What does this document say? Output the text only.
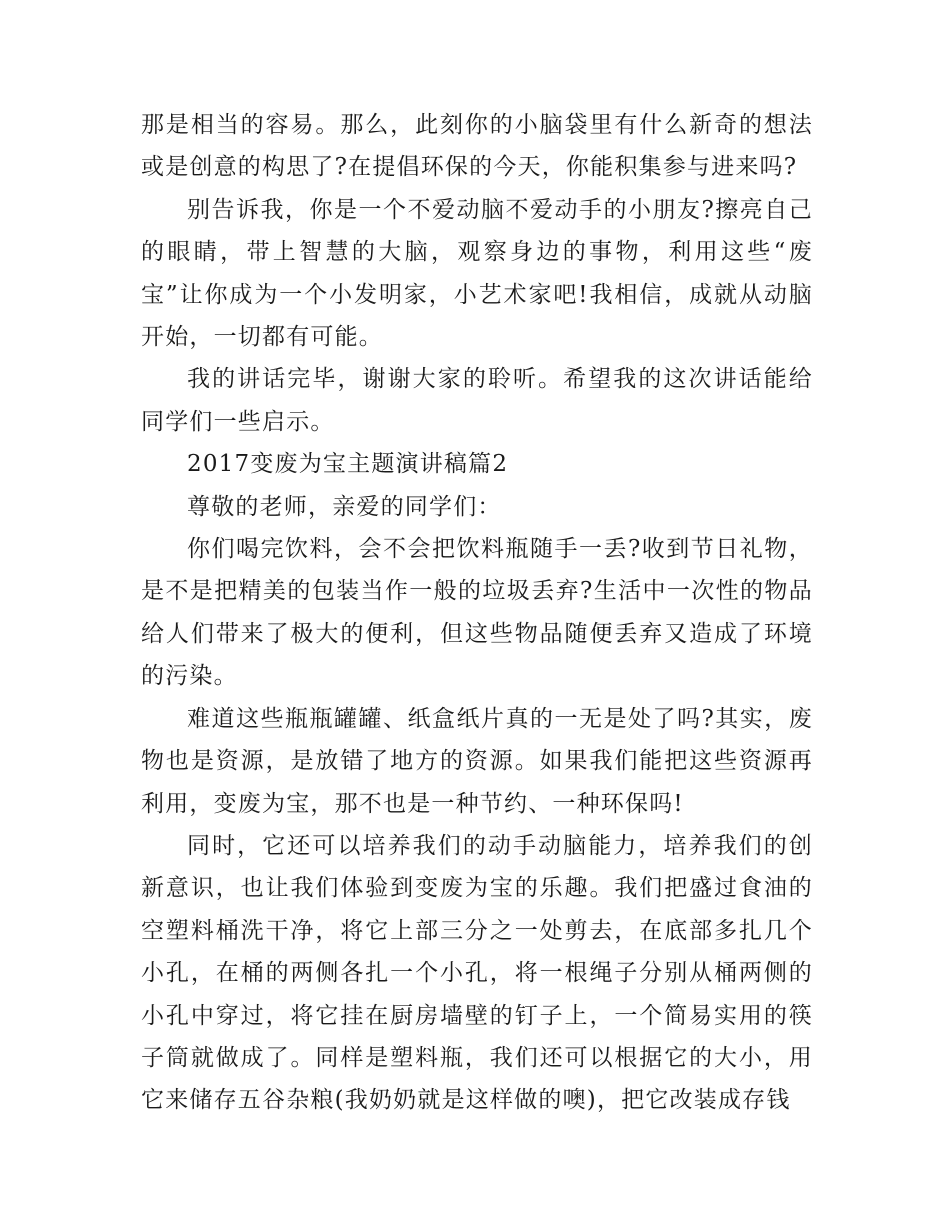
那是相当的容易。那么，此刻你的小脑袋里有什么新奇的想法或是创意的构思了?在提倡环保的今天，你能积集参与进来吗?

别告诉我，你是一个不爱动脑不爱动手的小朋友?擦亮自己的眼睛，带上智慧的大脑，观察身边的事物，利用这些“废宝”让你成为一个小发明家，小艺术家吧!我相信，成就从动脑开始，一切都有可能。

我的讲话完毕，谢谢大家的聆听。希望我的这次讲话能给同学们一些启示。

2017变废为宝主题演讲稿篇2

尊敬的老师，亲爱的同学们：

你们喝完饮料，会不会把饮料瓶随手一丢?收到节日礼物，是不是把精美的包装当作一般的垃圾丢弃?生活中一次性的物品给人们带来了极大的便利，但这些物品随便丢弃又造成了环境的污染。

难道这些瓶瓶罐罐、纸盒纸片真的一无是处了吗?其实，废物也是资源，是放错了地方的资源。如果我们能把这些资源再利用，变废为宝，那不也是一种节约、一种环保吗!

同时，它还可以培养我们的动手动脑能力，培养我们的创新意识，也让我们体验到变废为宝的乐趣。我们把盛过食油的空塑料桶洗干净，将它上部三分之一处剪去，在底部多扎几个小孔，在桶的两侧各扎一个小孔，将一根绳子分别从桶两侧的小孔中穿过，将它挂在厨房墙壁的钉子上，一个简易实用的筷子筒就做成了。同样是塑料瓶，我们还可以根据它的大小，用它来储存五谷杂粮(我奶奶就是这样做的噢)，把它改装成存钱
